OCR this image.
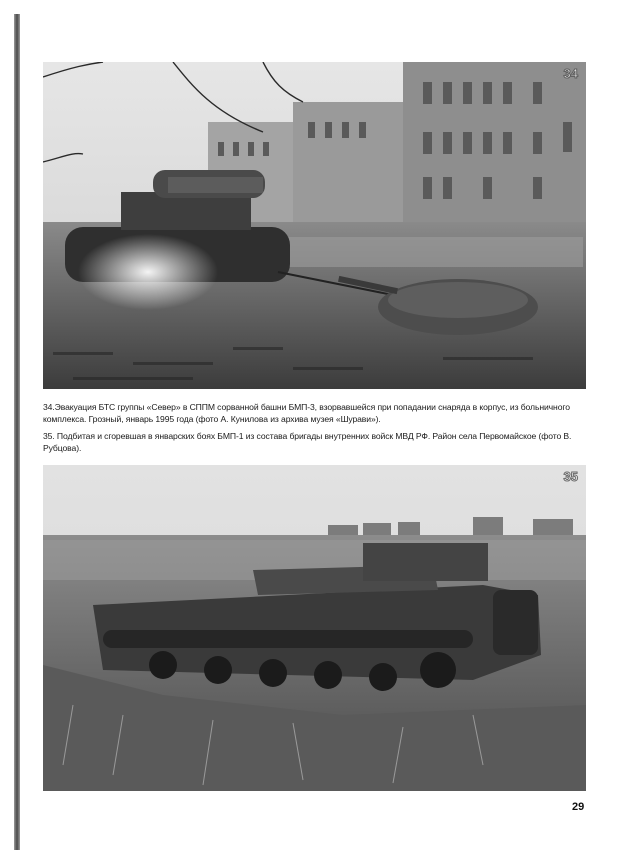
34
34.Эвакуация БТС группы «Север» в СППМ сорванной башни БМП-3, взорвавшейся при попадании снаряда в корпус, из больничного комплекса. Грозный, январь 1995 года (фото А. Кунилова из архива музея «Шурави»).
35. Подбитая и сгоревшая в январских боях БМП-1 из состава бригады внутренних войск МВД РФ. Район села Первомайское (фото В. Рубцова).
35
29
